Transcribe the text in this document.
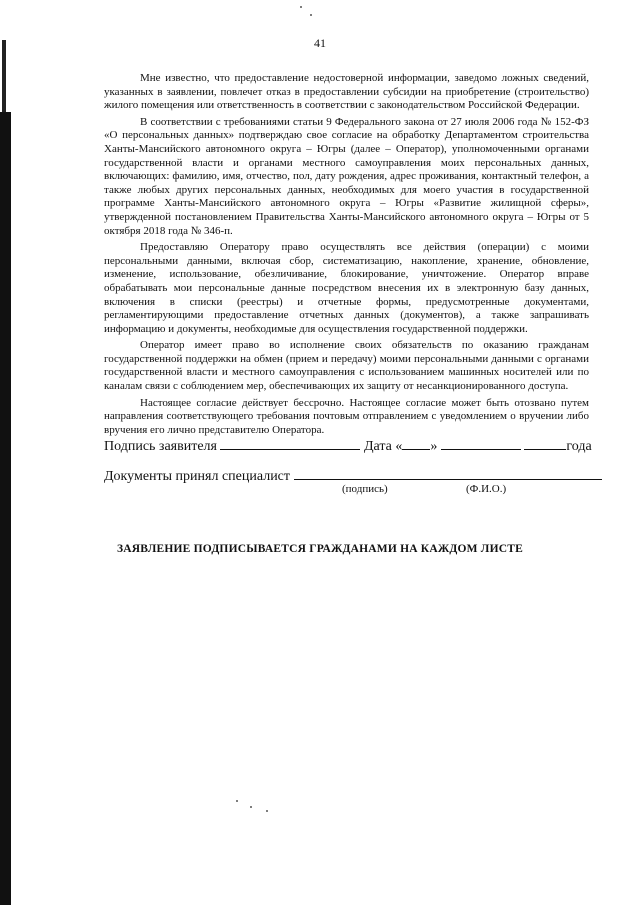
41

Мне известно, что предоставление недостоверной информации, заведомо ложных сведений, указанных в заявлении, повлечет отказ в предоставлении субсидии на приобретение (строительство) жилого помещения или ответственность в соответствии с законодательством Российской Федерации.

В соответствии с требованиями статьи 9 Федерального закона от 27 июля 2006 года № 152-ФЗ «О персональных данных» подтверждаю свое согласие на обработку Департаментом строительства Ханты-Мансийского автономного округа – Югры (далее – Оператор), уполномоченными органами государственной власти и органами местного самоуправления моих персональных данных, включающих: фамилию, имя, отчество, пол, дату рождения, адрес проживания, контактный телефон, а также любых других персональных данных, необходимых для моего участия в государственной программе Ханты-Мансийского автономного округа – Югры «Развитие жилищной сферы», утвержденной постановлением Правительства Ханты-Мансийского автономного округа – Югры от 5 октября 2018 года № 346-п.

Предоставляю Оператору право осуществлять все действия (операции) с моими персональными данными, включая сбор, систематизацию, накопление, хранение, обновление, изменение, использование, обезличивание, блокирование, уничтожение. Оператор вправе обрабатывать мои персональные данные посредством внесения их в электронную базу данных, включения в списки (реестры) и отчетные формы, предусмотренные документами, регламентирующими предоставление отчетных данных (документов), а также запрашивать информацию и документы, необходимые для осуществления государственной поддержки.

Оператор имеет право во исполнение своих обязательств по оказанию гражданам государственной поддержки на обмен (прием и передачу) моими персональными данными с органами государственной власти и местного самоуправления с использованием машинных носителей или по каналам связи с соблюдением мер, обеспечивающих их защиту от несанкционированного доступа.

Настоящее согласие действует бессрочно. Настоящее согласие может быть отозвано путем направления соответствующего требования почтовым отправлением с уведомлением о вручении либо вручения его лично представителю Оператора.

Подпись заявителя	Дата « »	года
Документы принял специалист
(подпись)	(Ф.И.О.)
ЗАЯВЛЕНИЕ ПОДПИСЫВАЕТСЯ ГРАЖДАНАМИ НА КАЖДОМ ЛИСТЕ
